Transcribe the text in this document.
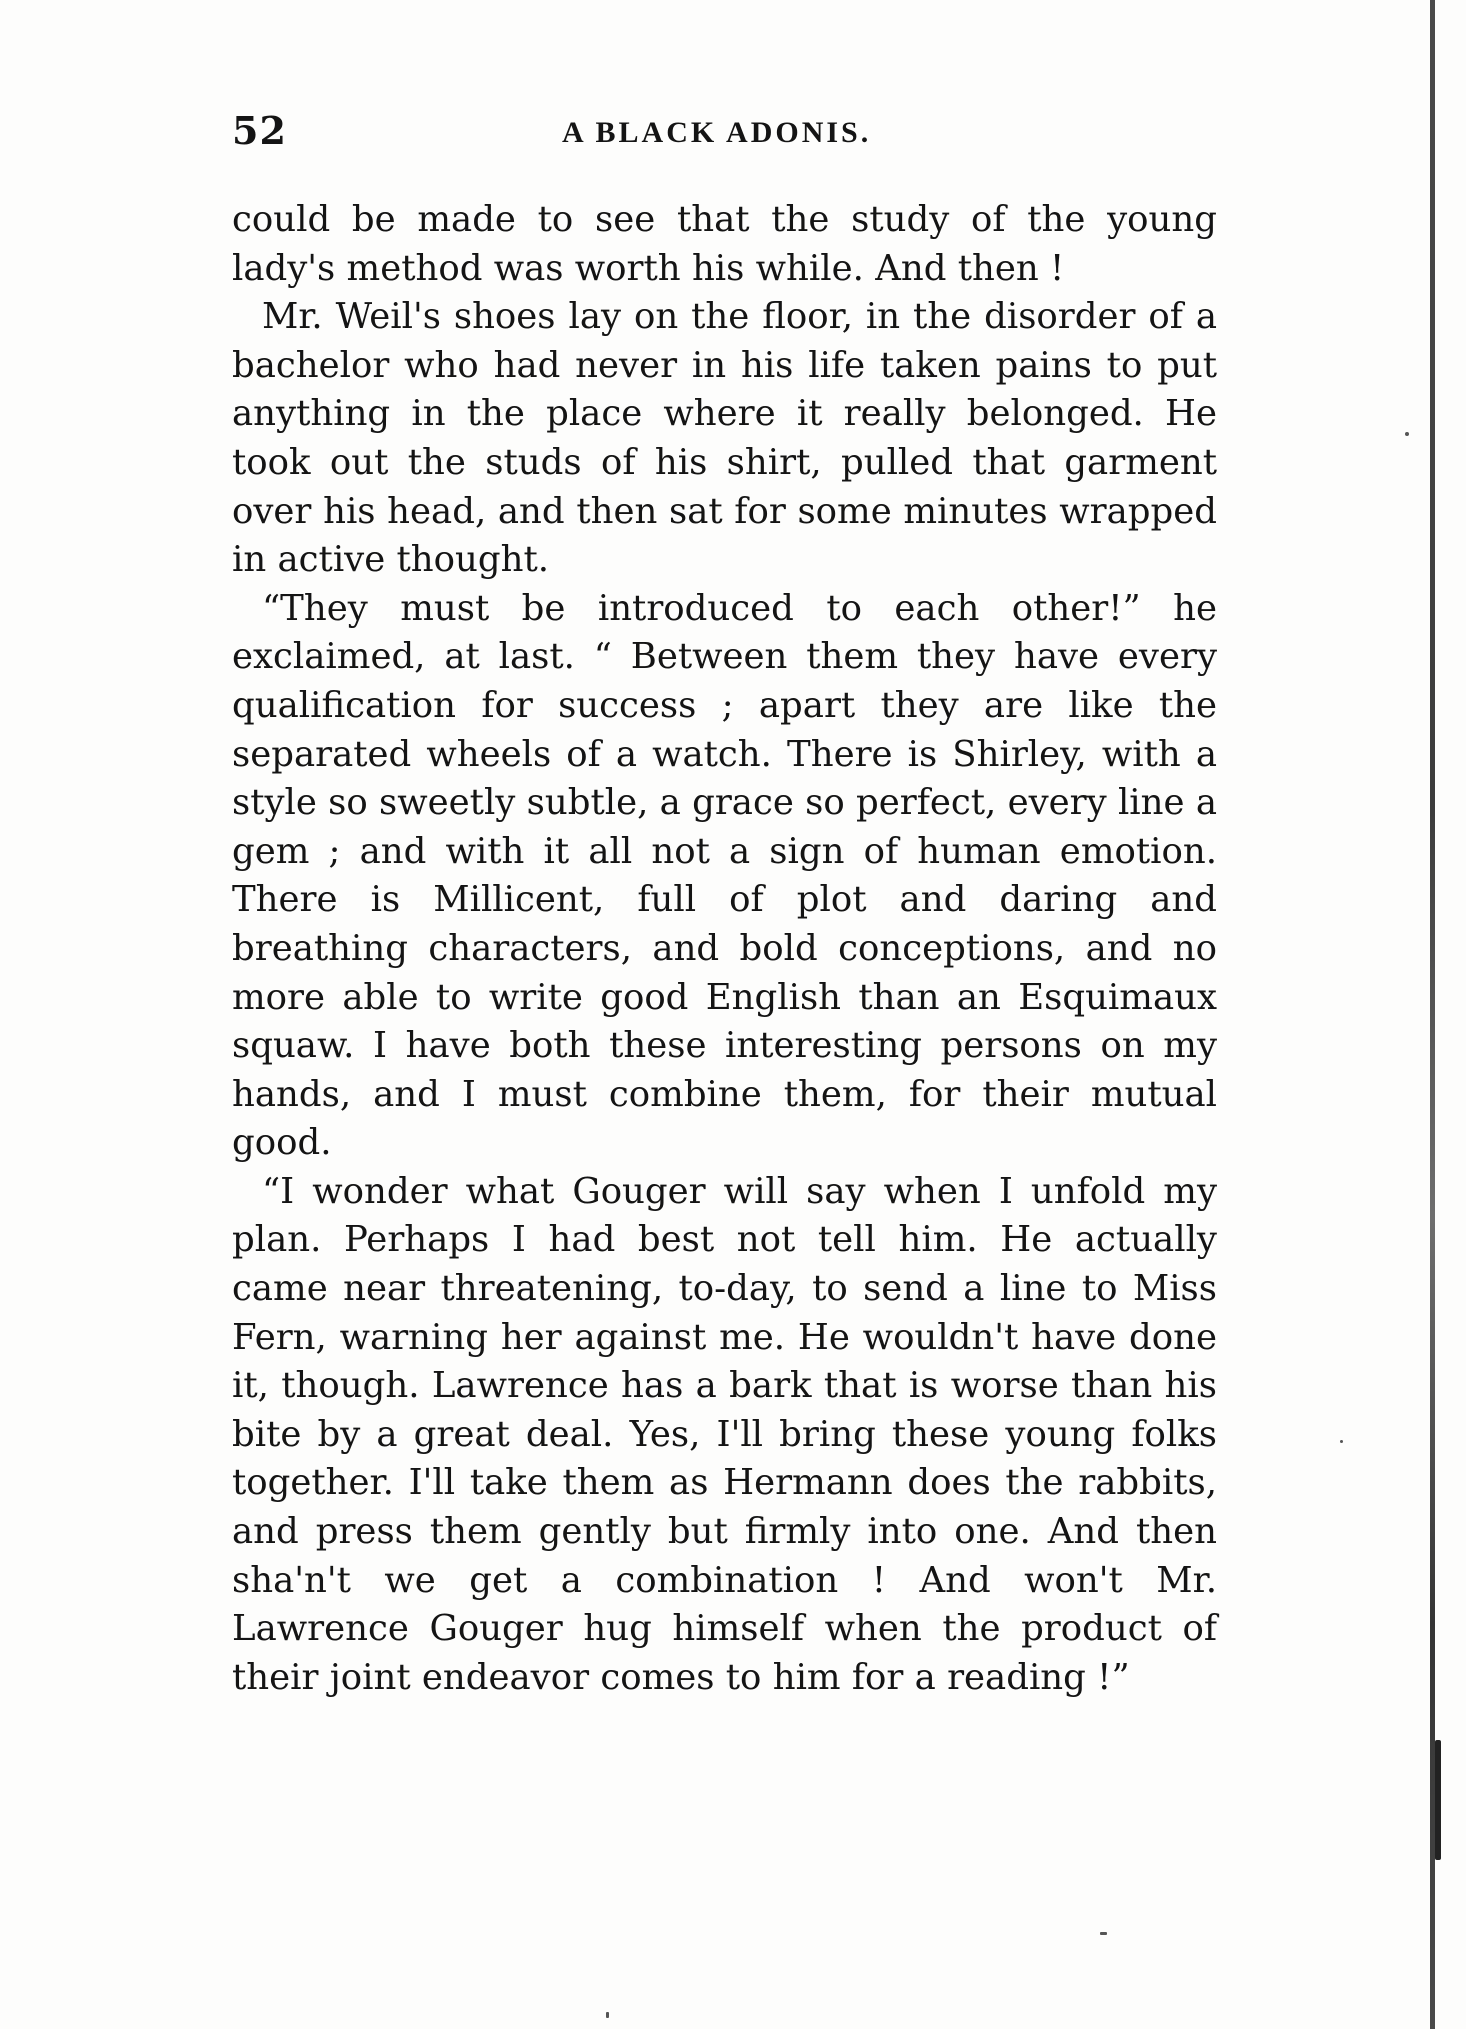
52	A BLACK ADONIS.

could be made to see that the study of the young lady's method was worth his while. And then !

Mr. Weil's shoes lay on the floor, in the disorder of a bachelor who had never in his life taken pains to put anything in the place where it really belonged. He took out the studs of his shirt, pulled that garment over his head, and then sat for some minutes wrapped in active thought.

“They must be introduced to each other!” he exclaimed, at last. “ Between them they have every qualification for success ; apart they are like the separated wheels of a watch. There is Shirley, with a style so sweetly subtle, a grace so perfect, every line a gem ; and with it all not a sign of human emotion. There is Millicent, full of plot and daring and breathing characters, and bold conceptions, and no more able to write good English than an Esquimaux squaw. I have both these interesting persons on my hands, and I must combine them, for their mutual good.

“I wonder what Gouger will say when I unfold my plan. Perhaps I had best not tell him. He actually came near threatening, to-day, to send a line to Miss Fern, warning her against me. He wouldn't have done it, though. Lawrence has a bark that is worse than his bite by a great deal. Yes, I'll bring these young folks together. I'll take them as Hermann does the rabbits, and press them gently but firmly into one. And then sha'n't we get a combination ! And won't Mr. Lawrence Gouger hug himself when the product of their joint endeavor comes to him for a reading !”
